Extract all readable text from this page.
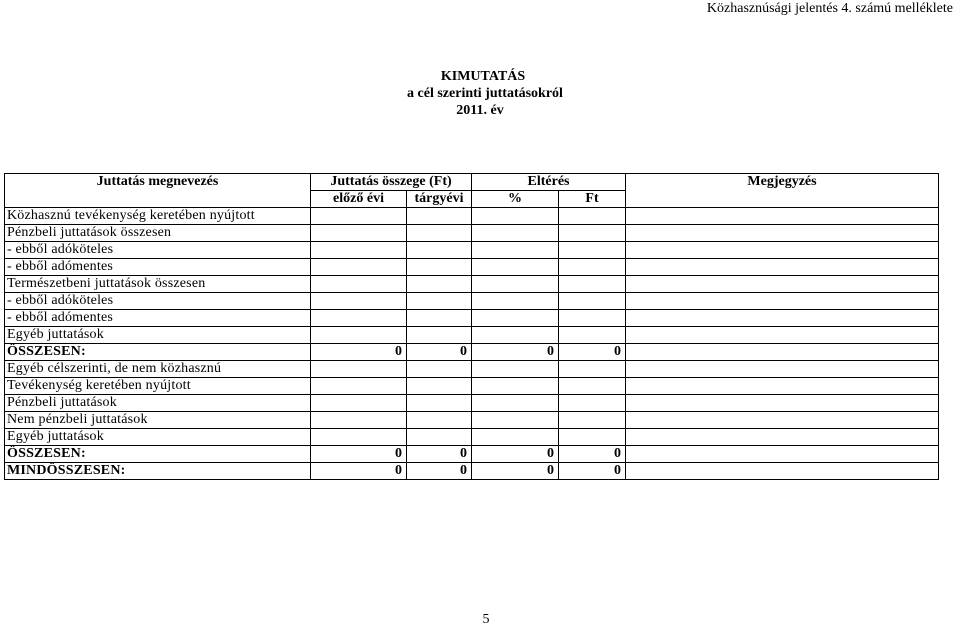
Közhasznúsági jelentés 4. számú melléklete
KIMUTATÁS
a cél szerinti juttatásokról
2011. év
Juttatás megnevezés	Juttatás összege (Ft)		Eltérés		Megjegyzés
	előző évi	tárgyévi	%	Ft	
Közhasznú tevékenység keretében nyújtott					
Pénzbeli juttatások összesen					
- ebből adóköteles					
- ebből adómentes					
Természetbeni juttatások összesen					
- ebből adóköteles					
- ebből adómentes					
Egyéb juttatások					
ÖSSZESEN:	0	0	0	0	
Egyéb célszerinti, de nem közhasznú					
Tevékenység keretében nyújtott					
Pénzbeli juttatások					
Nem pénzbeli juttatások					
Egyéb juttatások					
ÖSSZESEN:	0	0	0	0	
MINDÖSSZESEN:	0	0	0	0	
5
